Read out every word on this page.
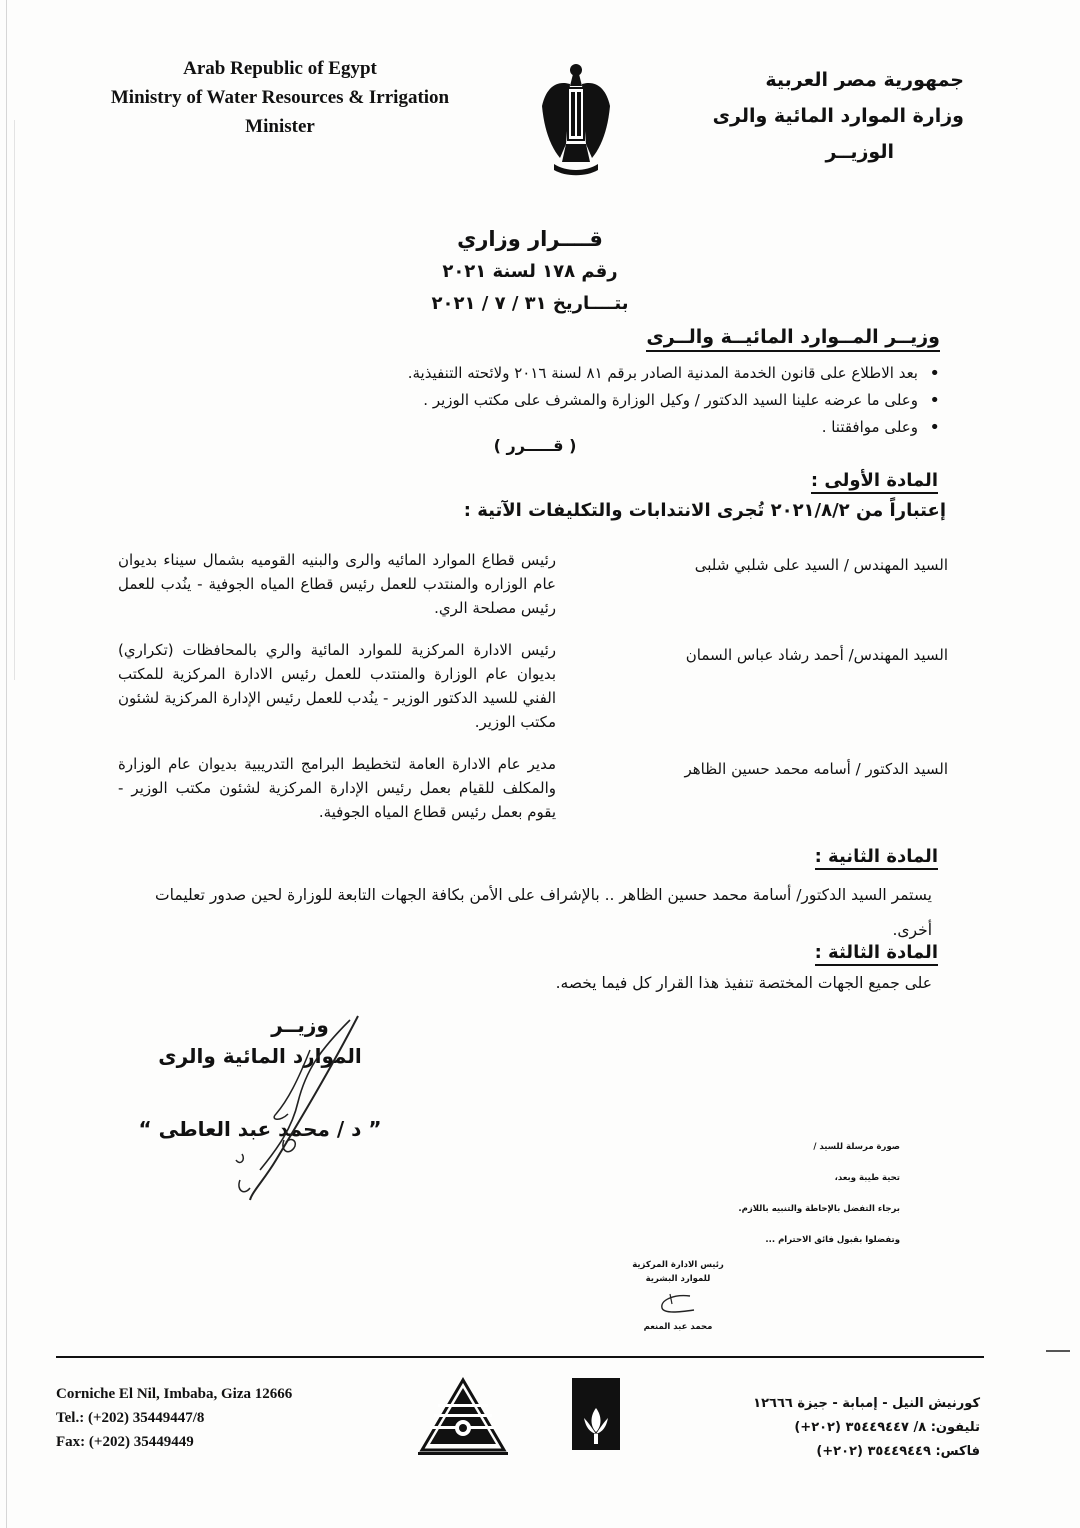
Arab Republic of Egypt
Ministry of Water Resources & Irrigation
Minister
جمهورية مصر العربية
وزارة الموارد المائية والرى
الوزيــر
قــــرار وزاري
رقم ١٧٨ لسنة ٢٠٢١
بتــــاريخ ٣١ / ٧ / ٢٠٢١
وزيــر المــوارد المائيــة والــرى
• بعد الاطلاع على قانون الخدمة المدنية الصادر برقم ٨١ لسنة ٢٠١٦ ولائحته التنفيذية.
• وعلى ما عرضه علينا السيد الدكتور / وكيل الوزارة والمشرف على مكتب الوزير .
• وعلى موافقتنا .
( قـــــرر )
المادة الأولى :
إعتباراً من ٢٠٢١/٨/٢ تُجرى الانتدابات والتكليفات الآتية :
السيد المهندس / السيد على شلبي شلبى
رئيس قطاع الموارد المائيه والرى والبنيه القوميه بشمال سيناء بديوان عام الوزاره والمنتدب للعمل رئيس قطاع المياه الجوفية - ينُدب للعمل رئيس مصلحة الري.
السيد المهندس/ أحمد رشاد عباس السمان
رئيس الادارة المركزية للموارد المائية والري بالمحافظات (تكراري) بديوان عام الوزارة والمنتدب للعمل رئيس الادارة المركزية للمكتب الفني للسيد الدكتور الوزير - ينُدب للعمل رئيس الإدارة المركزية لشئون مكتب الوزير.
السيد الدكتور / أسامه محمد حسين الظاهر
مدير عام الادارة العامة لتخطيط البرامج التدريبية بديوان عام الوزارة والمكلف للقيام بعمل رئيس الإدارة المركزية لشئون مكتب الوزير - يقوم بعمل رئيس قطاع المياه الجوفية.
المادة الثانية :
يستمر السيد الدكتور/ أسامة محمد حسين الظاهر .. بالإشراف على الأمن بكافة الجهات التابعة للوزارة لحين صدور تعليمات أخرى.
المادة الثالثة :
على جميع الجهات المختصة تنفيذ هذا القرار كل فيما يخصه.
وزيــر
الموارد المائية والرى
” د / محمد عبد العاطى “
صورة مرسلة للسيد /
تحية طيبة وبعد،
برجاء التفضل بالإحاطة والتنبيه باللازم.
وتفضلوا بقبول فائق الاحترام ...
رئيس الادارة المركزية
للموارد البشرية
محمد عبد المنعم
Corniche El Nil, Imbaba, Giza 12666
Tel.: (+202) 35449447/8
Fax: (+202) 35449449
كورنيش النيل - إمبابة - جيزة ١٢٦٦٦
تليفون: ٨/ ٣٥٤٤٩٤٤٧ (٢٠٢+)
فاكس: ٣٥٤٤٩٤٤٩ (٢٠٢+)
